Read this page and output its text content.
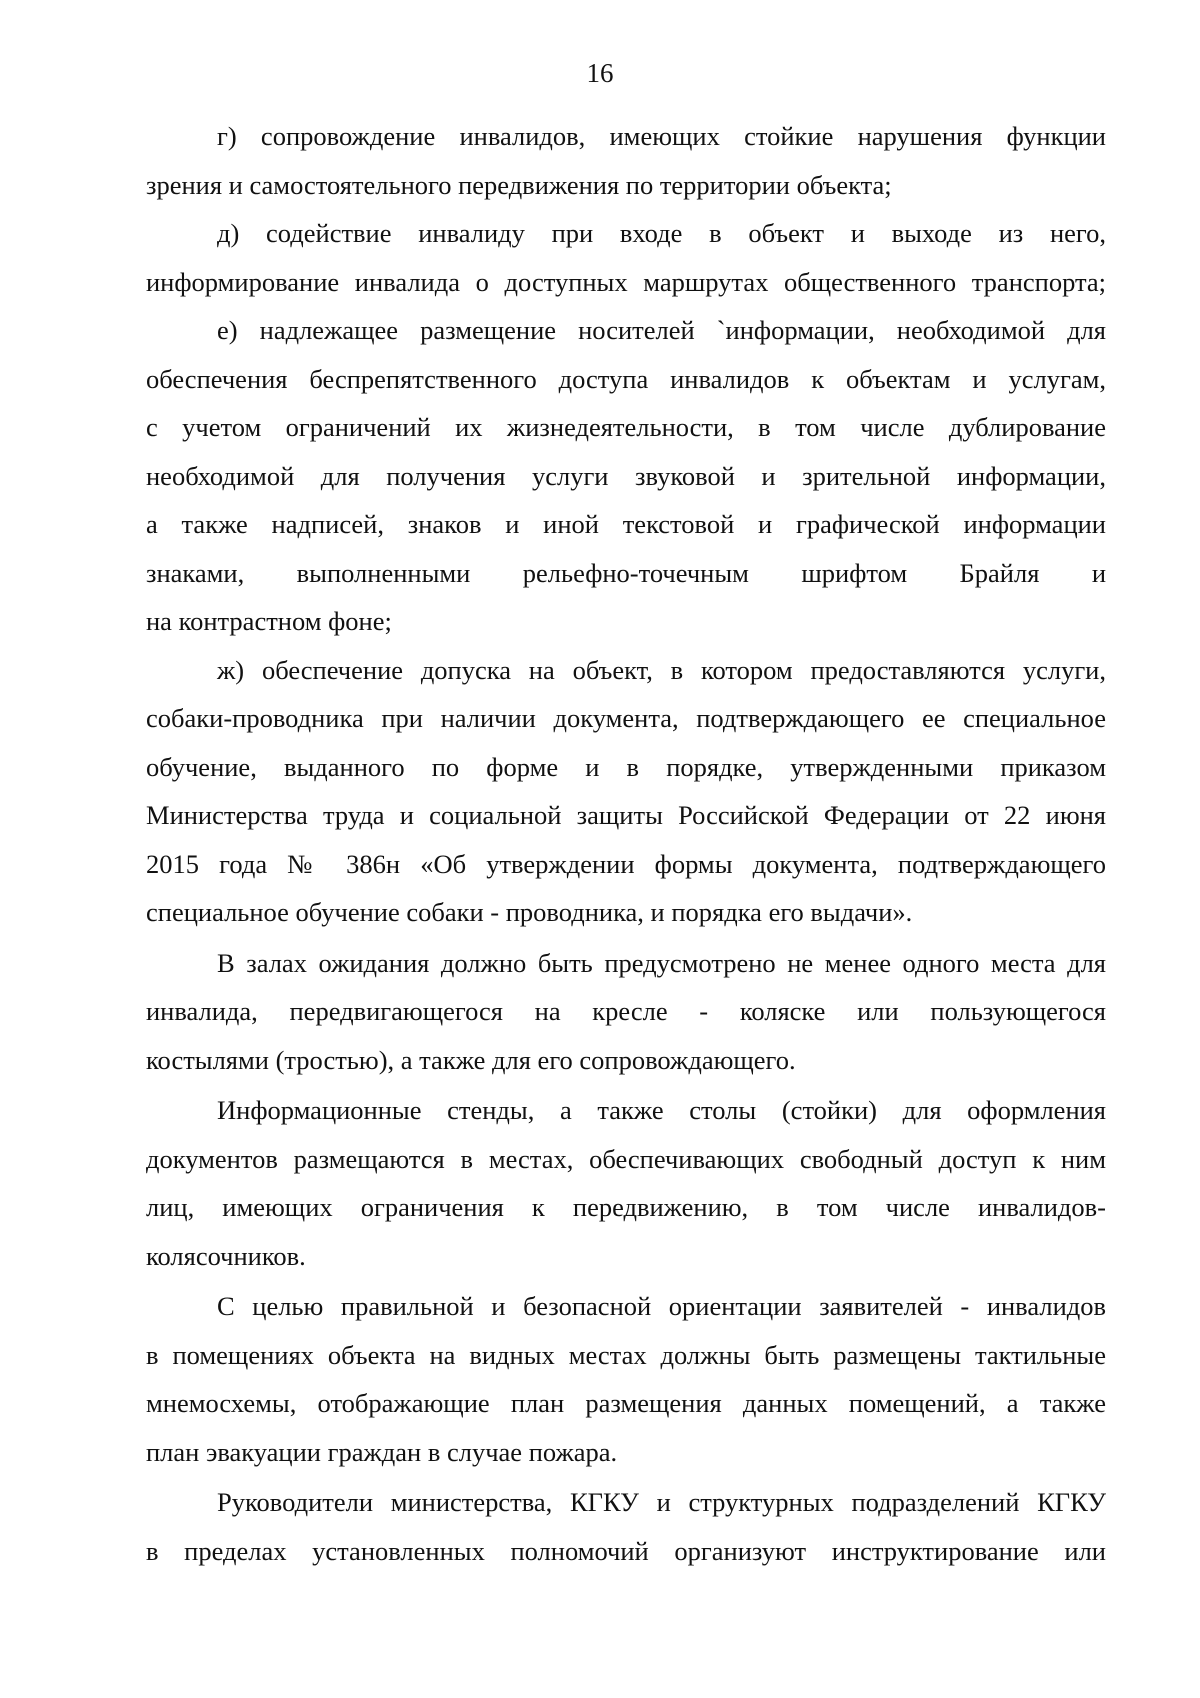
16

г) сопровождение инвалидов, имеющих стойкие нарушения функции
зрения и самостоятельного передвижения по территории объекта;

д) содействие инвалиду при входе в объект и выходе из него,
информирование инвалида о доступных маршрутах общественного транспорта;

е) надлежащее размещение носителей `информации, необходимой для
обеспечения беспрепятственного доступа инвалидов к объектам и услугам,
с учетом ограничений их жизнедеятельности, в том числе дублирование
необходимой для получения услуги звуковой и зрительной информации,
а также надписей, знаков и иной текстовой и графической информации
знаками, выполненными рельефно-точечным шрифтом Брайля и
на контрастном фоне;

ж) обеспечение допуска на объект, в котором предоставляются услуги,
собаки-проводника при наличии документа, подтверждающего ее специальное
обучение, выданного по форме и в порядке, утвержденными приказом
Министерства труда и социальной защиты Российской Федерации от 22 июня
2015 года № 386н «Об утверждении формы документа, подтверждающего
специальное обучение собаки - проводника, и порядка его выдачи».

В залах ожидания должно быть предусмотрено не менее одного места для
инвалида, передвигающегося на кресле - коляске или пользующегося
костылями (тростью), а также для его сопровождающего.

Информационные стенды, а также столы (стойки) для оформления
документов размещаются в местах, обеспечивающих свободный доступ к ним
лиц, имеющих ограничения к передвижению, в том числе инвалидов-
колясочников.

С целью правильной и безопасной ориентации заявителей - инвалидов
в помещениях объекта на видных местах должны быть размещены тактильные
мнемосхемы, отображающие план размещения данных помещений, а также
план эвакуации граждан в случае пожара.

Руководители министерства, КГКУ и структурных подразделений КГКУ
в пределах установленных полномочий организуют инструктирование или
